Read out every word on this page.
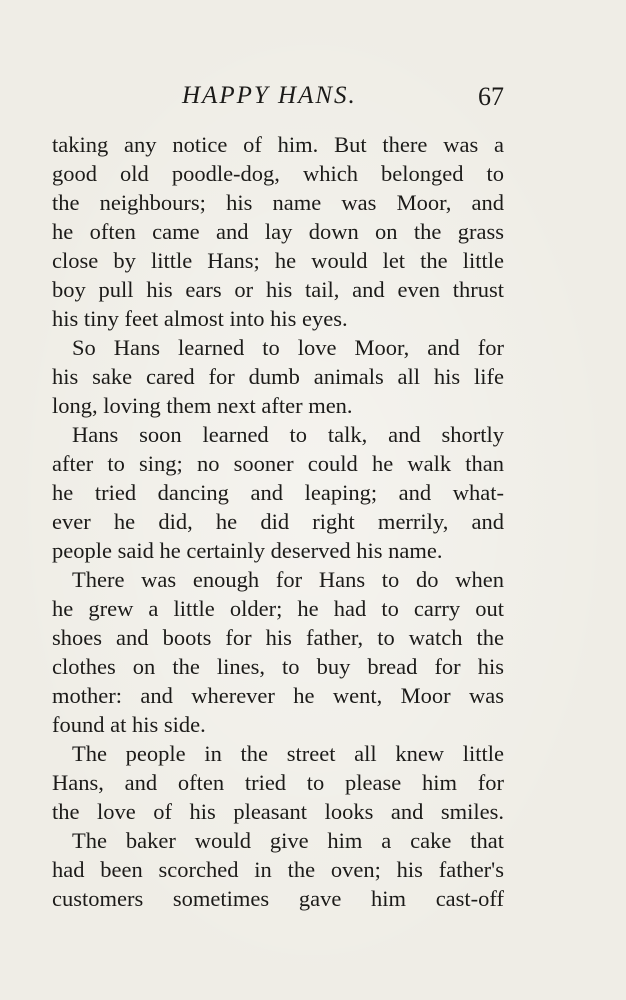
HAPPY HANS.	67
taking any notice of him. But there was a
good old poodle-dog, which belonged to
the neighbours; his name was Moor, and
he often came and lay down on the grass
close by little Hans; he would let the little
boy pull his ears or his tail, and even thrust
his tiny feet almost into his eyes.
So Hans learned to love Moor, and for
his sake cared for dumb animals all his life
long, loving them next after men.
Hans soon learned to talk, and shortly
after to sing; no sooner could he walk than
he tried dancing and leaping; and what-
ever he did, he did right merrily, and
people said he certainly deserved his name.
There was enough for Hans to do when
he grew a little older; he had to carry out
shoes and boots for his father, to watch the
clothes on the lines, to buy bread for his
mother: and wherever he went, Moor was
found at his side.
The people in the street all knew little
Hans, and often tried to please him for
the love of his pleasant looks and smiles.
The baker would give him a cake that
had been scorched in the oven; his father's
customers sometimes gave him cast-off
